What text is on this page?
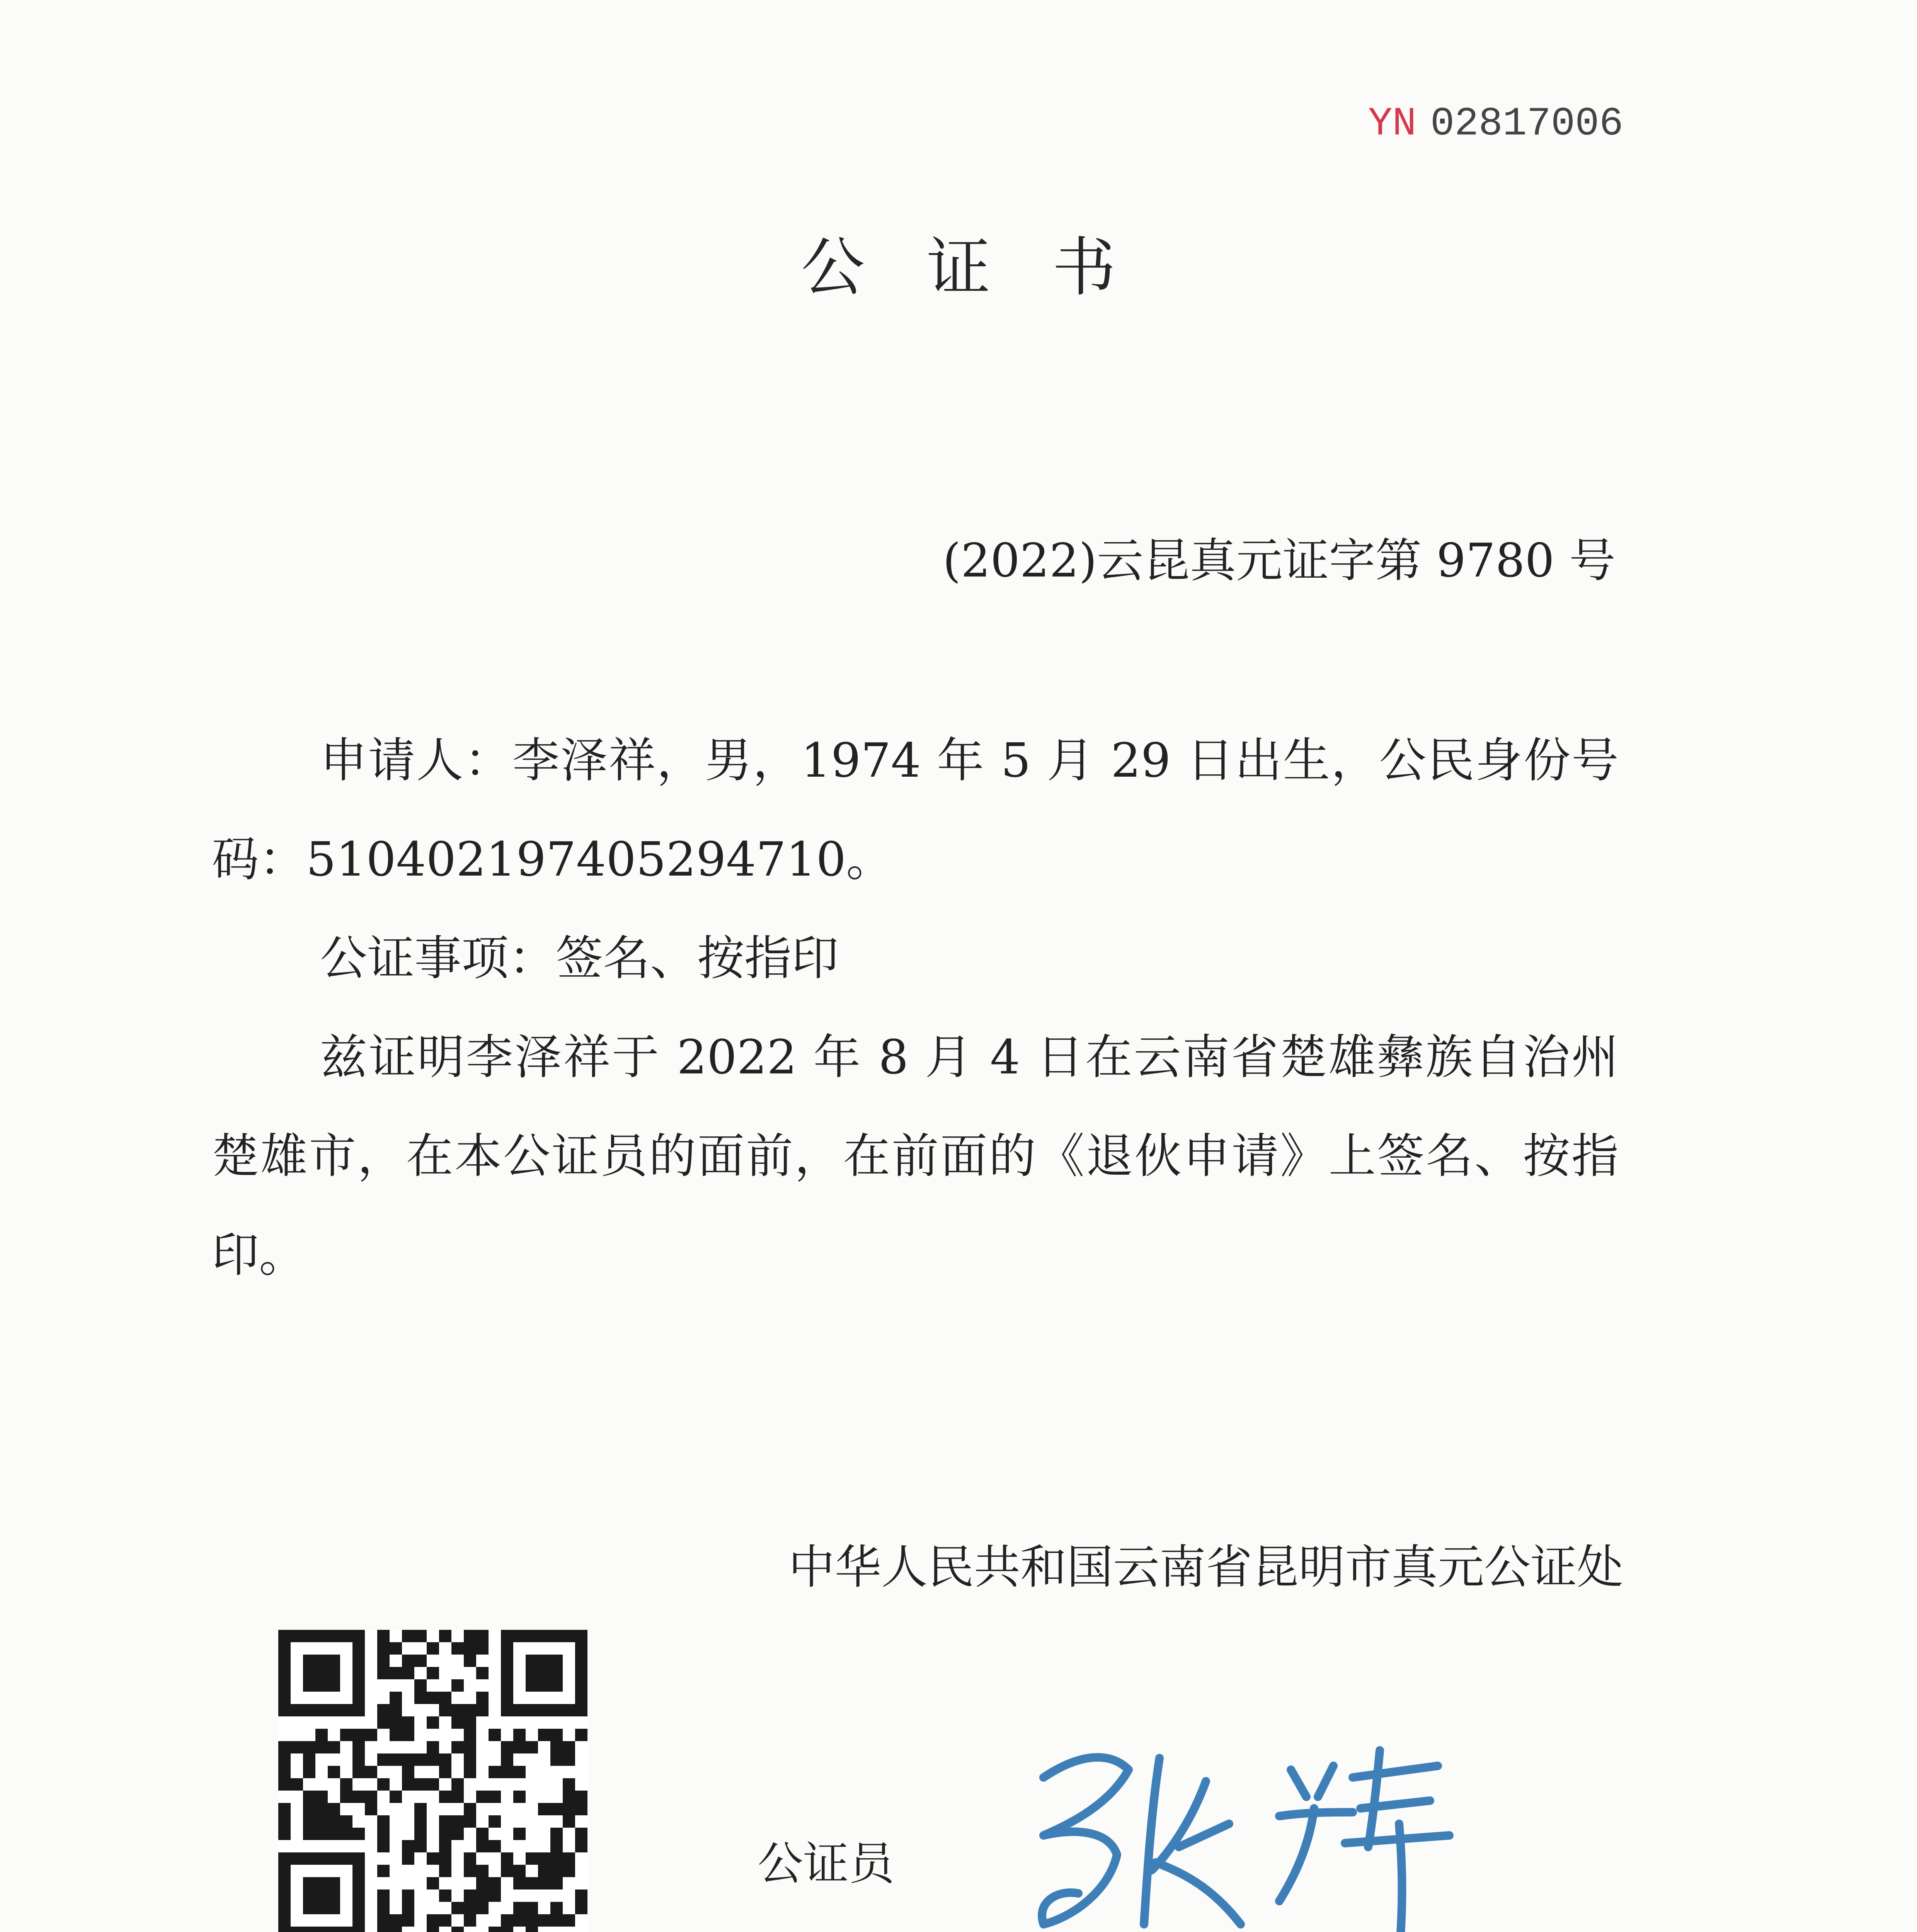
YN 02817006
公证书
(2022)云昆真元证字第 9780 号
申请人：李泽祥，男，1974 年 5 月 29 日出生，公民身份号码：510402197405294710。
公证事项：签名、按指印
兹证明李泽祥于 2022 年 8 月 4 日在云南省楚雄彝族自治州楚雄市，在本公证员的面前，在前面的《退伙申请》上签名、按指印。
中华人民共和国云南省昆明市真元公证处
公证员
